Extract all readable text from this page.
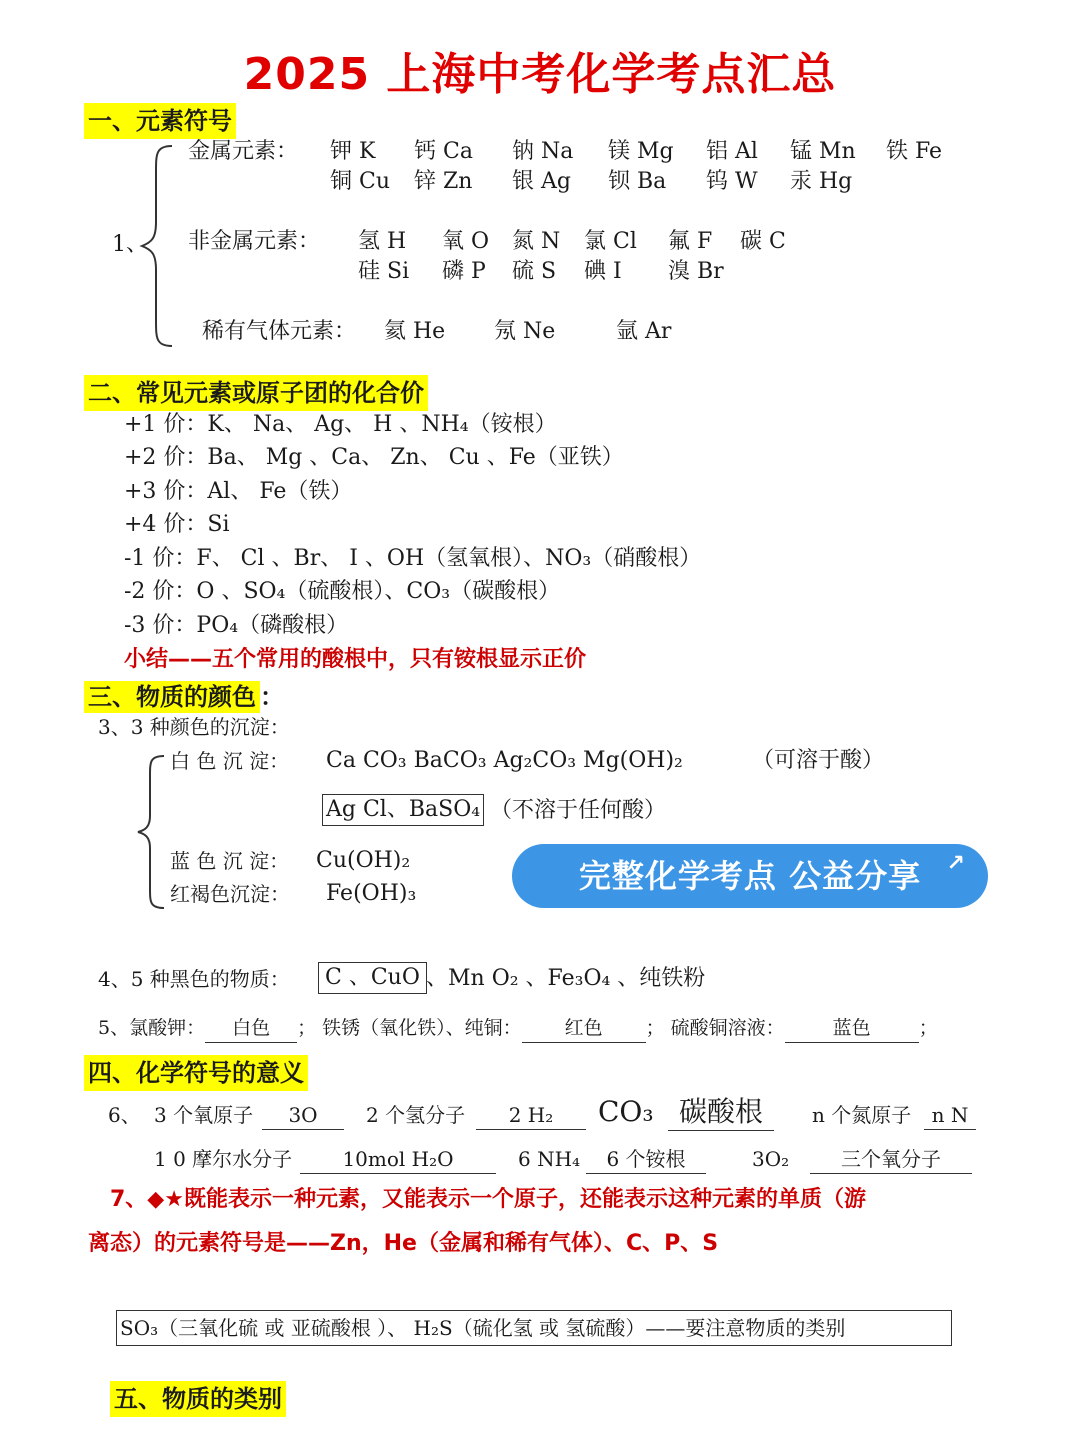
2025 上海中考化学考点汇总
一、元素符号
1、
金属元素： 钾 K 钙 Ca 钠 Na 镁 Mg 铝 Al 锰 Mn 铁 Fe
铜 Cu 锌 Zn 银 Ag 钡 Ba 钨 W 汞 Hg
非金属元素： 氢 H 氧 O 氮 N 氯 Cl 氟 F 碳 C
硅 Si 磷 P 硫 S 碘 I 溴 Br
稀有气体元素： 氦 He 氖 Ne	氩 Ar
二、常见元素或原子团的化合价
+1 价：K、 Na、 Ag、 H 、NH₄（铵根）
+2 价：Ba、 Mg 、Ca、 Zn、 Cu 、Fe（亚铁）
+3 价：Al、 Fe（铁）
+4 价：Si
-1 价：F、 Cl 、Br、 I 、OH（氢氧根）、NO₃（硝酸根）
-2 价：O 、SO₄（硫酸根）、CO₃（碳酸根）
-3 价：PO₄（磷酸根）
小结——五个常用的酸根中，只有铵根显示正价
三、物质的颜色 ：
3、3 种颜色的沉淀：
白 色 沉 淀： Ca CO₃ BaCO₃ Ag₂CO₃ Mg(OH)₂	（可溶于酸）
Ag Cl、BaSO₄ （不溶于任何酸）
蓝 色 沉 淀： Cu(OH)₂
红褐色沉淀： Fe(OH)₃	完整化学考点 公益分享 ↗
4、5 种黑色的物质：	C 、CuO 、Mn O₂ 、Fe₃O₄ 、纯铁粉
5、氯酸钾： 白色 ； 铁锈（氧化铁）、纯铜： 红色 ； 硫酸铜溶液：	蓝色	；
四、化学符号的意义
6、 3 个氧原子	3O	2 个氢分子	2 H₂	CO₃ 碳酸根	n 个氮原子	n N
1 0 摩尔水分子	10mol H₂O	6 NH₄	6 个铵根	3O₂	三个氧分子
7、◆★既能表示一种元素，又能表示一个原子，还能表示这种元素的单质（游
离态）的元素符号是——Zn，He（金属和稀有气体）、C、P、S
SO₃（三氧化硫 或 亚硫酸根 ）、 H₂S（硫化氢 或 氢硫酸）——要注意物质的类别
五、物质的类别
